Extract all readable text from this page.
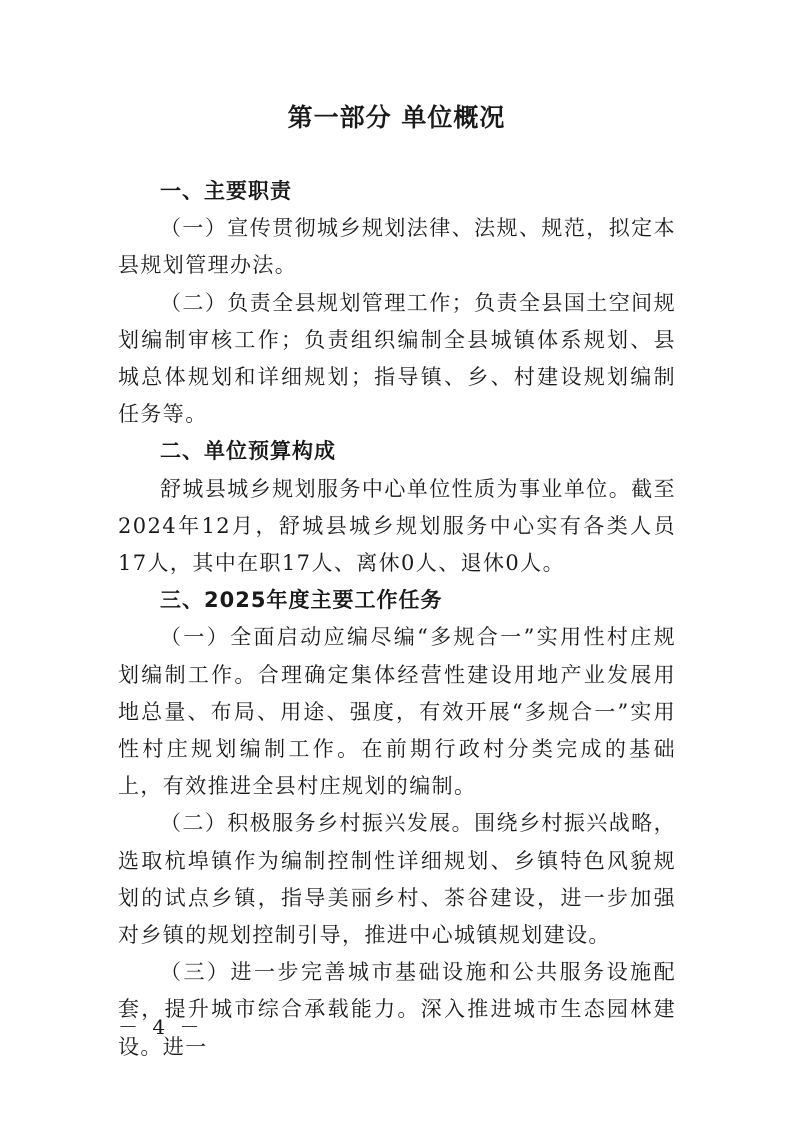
第一部分 单位概况

一、主要职责

（一）宣传贯彻城乡规划法律、法规、规范，拟定本县规划管理办法。

（二）负责全县规划管理工作；负责全县国土空间规划编制审核工作；负责组织编制全县城镇体系规划、县城总体规划和详细规划；指导镇、乡、村建设规划编制任务等。

二、单位预算构成

舒城县城乡规划服务中心单位性质为事业单位。截至2024年12月，舒城县城乡规划服务中心实有各类人员17人，其中在职17人、离休0人、退休0人。

三、2025年度主要工作任务

（一）全面启动应编尽编“多规合一”实用性村庄规划编制工作。合理确定集体经营性建设用地产业发展用地总量、布局、用途、强度，有效开展“多规合一”实用性村庄规划编制工作。在前期行政村分类完成的基础上，有效推进全县村庄规划的编制。

（二）积极服务乡村振兴发展。围绕乡村振兴战略，选取杭埠镇作为编制控制性详细规划、乡镇特色风貌规划的试点乡镇，指导美丽乡村、茶谷建设，进一步加强对乡镇的规划控制引导，推进中心城镇规划建设。

（三）进一步完善城市基础设施和公共服务设施配套，提升城市综合承载能力。深入推进城市生态园林建设。进一

－ 4 －
